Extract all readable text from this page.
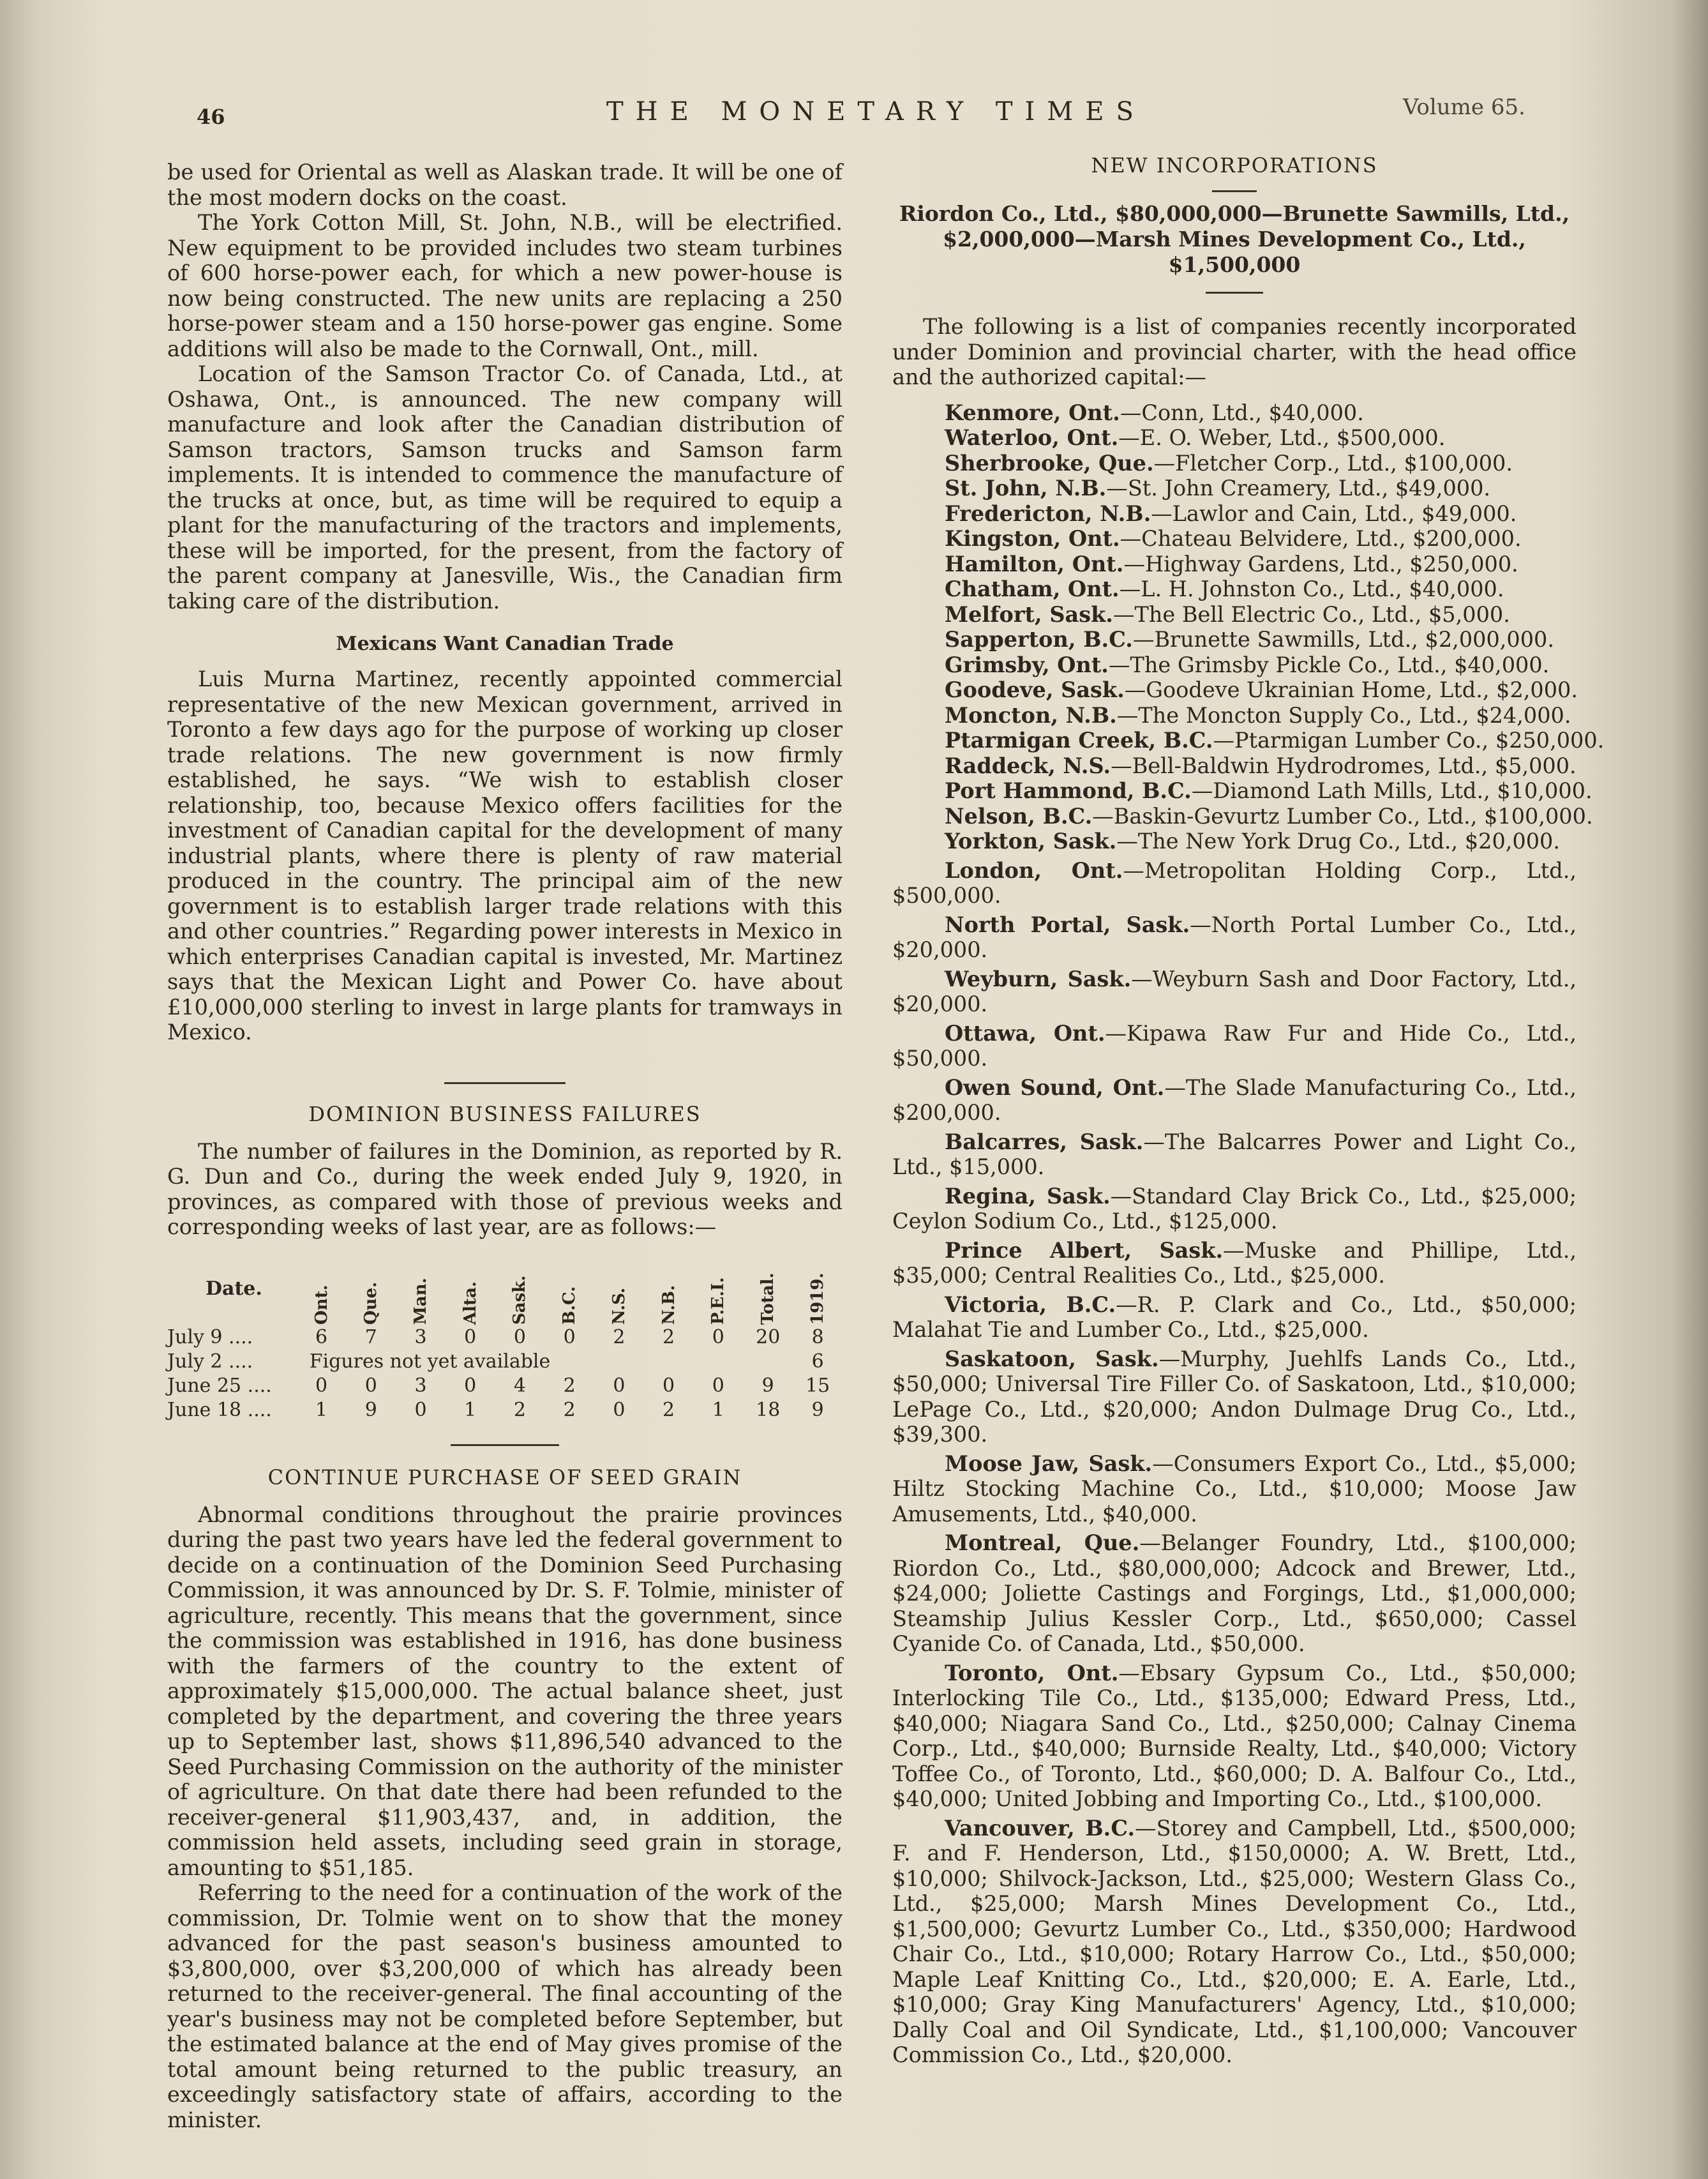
46	THE MONETARY TIMES	Volume 65.

be used for Oriental as well as Alaskan trade. It will be one of the most modern docks on the coast.

The York Cotton Mill, St. John, N.B., will be electrified. New equipment to be provided includes two steam turbines of 600 horse-power each, for which a new power-house is now being constructed. The new units are replacing a 250 horse-power steam and a 150 horse-power gas engine. Some additions will also be made to the Cornwall, Ont., mill.

Location of the Samson Tractor Co. of Canada, Ltd., at Oshawa, Ont., is announced. The new company will manufacture and look after the Canadian distribution of Samson tractors, Samson trucks and Samson farm implements. It is intended to commence the manufacture of the trucks at once, but, as time will be required to equip a plant for the manufacturing of the tractors and implements, these will be imported, for the present, from the factory of the parent company at Janesville, Wis., the Canadian firm taking care of the distribution.

Mexicans Want Canadian Trade

Luis Murna Martinez, recently appointed commercial representative of the new Mexican government, arrived in Toronto a few days ago for the purpose of working up closer trade relations. The new government is now firmly established, he says. “We wish to establish closer relationship, too, because Mexico offers facilities for the investment of Canadian capital for the development of many industrial plants, where there is plenty of raw material produced in the country. The principal aim of the new government is to establish larger trade relations with this and other countries.” Regarding power interests in Mexico in which enterprises Canadian capital is invested, Mr. Martinez says that the Mexican Light and Power Co. have about £10,000,000 sterling to invest in large plants for tramways in Mexico.

DOMINION BUSINESS FAILURES

The number of failures in the Dominion, as reported by R. G. Dun and Co., during the week ended July 9, 1920, in provinces, as compared with those of previous weeks and corresponding weeks of last year, are as follows:—

Date.	Ont.	Que.	Man.	Alta.	Sask.	B.C.	N.S.	N.B.	P.E.I.	Total.	1919.
July 9 ....	6	7	3	0	0	0	2	2	0	20	8
July 2 ....	Figures not yet available										6
June 25 ....	0	0	3	0	4	2	0	0	0	9	15
June 18 ....	1	9	0	1	2	2	0	2	1	18	9
CONTINUE PURCHASE OF SEED GRAIN

Abnormal conditions throughout the prairie provinces during the past two years have led the federal government to decide on a continuation of the Dominion Seed Purchasing Commission, it was announced by Dr. S. F. Tolmie, minister of agriculture, recently. This means that the government, since the commission was established in 1916, has done business with the farmers of the country to the extent of approximately $15,000,000. The actual balance sheet, just completed by the department, and covering the three years up to September last, shows $11,896,540 advanced to the Seed Purchasing Commission on the authority of the minister of agriculture. On that date there had been refunded to the receiver-general $11,903,437, and, in addition, the commission held assets, including seed grain in storage, amounting to $51,185.

Referring to the need for a continuation of the work of the commission, Dr. Tolmie went on to show that the money advanced for the past season's business amounted to $3,800,000, over $3,200,000 of which has already been returned to the receiver-general. The final accounting of the year's business may not be completed before September, but the estimated balance at the end of May gives promise of the total amount being returned to the public treasury, an exceedingly satisfactory state of affairs, according to the minister.

NEW INCORPORATIONS

Riordon Co., Ltd., $80,000,000—Brunette Sawmills, Ltd., $2,000,000—Marsh Mines Development Co., Ltd., $1,500,000

The following is a list of companies recently incorporated under Dominion and provincial charter, with the head office and the authorized capital:—

Kenmore, Ont.—Conn, Ltd., $40,000.

Waterloo, Ont.—E. O. Weber, Ltd., $500,000.

Sherbrooke, Que.—Fletcher Corp., Ltd., $100,000.

St. John, N.B.—St. John Creamery, Ltd., $49,000.

Fredericton, N.B.—Lawlor and Cain, Ltd., $49,000.

Kingston, Ont.—Chateau Belvidere, Ltd., $200,000.

Hamilton, Ont.—Highway Gardens, Ltd., $250,000.

Chatham, Ont.—L. H. Johnston Co., Ltd., $40,000.

Melfort, Sask.—The Bell Electric Co., Ltd., $5,000.

Sapperton, B.C.—Brunette Sawmills, Ltd., $2,000,000.

Grimsby, Ont.—The Grimsby Pickle Co., Ltd., $40,000.

Goodeve, Sask.—Goodeve Ukrainian Home, Ltd., $2,000.

Moncton, N.B.—The Moncton Supply Co., Ltd., $24,000.

Ptarmigan Creek, B.C.—Ptarmigan Lumber Co., $250,000.

Raddeck, N.S.—Bell-Baldwin Hydrodromes, Ltd., $5,000.

Port Hammond, B.C.—Diamond Lath Mills, Ltd., $10,000.

Nelson, B.C.—Baskin-Gevurtz Lumber Co., Ltd., $100,000.

Yorkton, Sask.—The New York Drug Co., Ltd., $20,000.

London, Ont.—Metropolitan Holding Corp., Ltd., $500,000.

North Portal, Sask.—North Portal Lumber Co., Ltd., $20,000.

Weyburn, Sask.—Weyburn Sash and Door Factory, Ltd., $20,000.

Ottawa, Ont.—Kipawa Raw Fur and Hide Co., Ltd., $50,000.

Owen Sound, Ont.—The Slade Manufacturing Co., Ltd., $200,000.

Balcarres, Sask.—The Balcarres Power and Light Co., Ltd., $15,000.

Regina, Sask.—Standard Clay Brick Co., Ltd., $25,000; Ceylon Sodium Co., Ltd., $125,000.

Prince Albert, Sask.—Muske and Phillipe, Ltd., $35,000; Central Realities Co., Ltd., $25,000.

Victoria, B.C.—R. P. Clark and Co., Ltd., $50,000; Malahat Tie and Lumber Co., Ltd., $25,000.

Saskatoon, Sask.—Murphy, Juehlfs Lands Co., Ltd., $50,000; Universal Tire Filler Co. of Saskatoon, Ltd., $10,000; LePage Co., Ltd., $20,000; Andon Dulmage Drug Co., Ltd., $39,300.

Moose Jaw, Sask.—Consumers Export Co., Ltd., $5,000; Hiltz Stocking Machine Co., Ltd., $10,000; Moose Jaw Amusements, Ltd., $40,000.

Montreal, Que.—Belanger Foundry, Ltd., $100,000; Riordon Co., Ltd., $80,000,000; Adcock and Brewer, Ltd., $24,000; Joliette Castings and Forgings, Ltd., $1,000,000; Steamship Julius Kessler Corp., Ltd., $650,000; Cassel Cyanide Co. of Canada, Ltd., $50,000.

Toronto, Ont.—Ebsary Gypsum Co., Ltd., $50,000; Interlocking Tile Co., Ltd., $135,000; Edward Press, Ltd., $40,000; Niagara Sand Co., Ltd., $250,000; Calnay Cinema Corp., Ltd., $40,000; Burnside Realty, Ltd., $40,000; Victory Toffee Co., of Toronto, Ltd., $60,000; D. A. Balfour Co., Ltd., $40,000; United Jobbing and Importing Co., Ltd., $100,000.

Vancouver, B.C.—Storey and Campbell, Ltd., $500,000; F. and F. Henderson, Ltd., $150,0000; A. W. Brett, Ltd., $10,000; Shilvock-Jackson, Ltd., $25,000; Western Glass Co., Ltd., $25,000; Marsh Mines Development Co., Ltd., $1,500,000; Gevurtz Lumber Co., Ltd., $350,000; Hardwood Chair Co., Ltd., $10,000; Rotary Harrow Co., Ltd., $50,000; Maple Leaf Knitting Co., Ltd., $20,000; E. A. Earle, Ltd., $10,000; Gray King Manufacturers' Agency, Ltd., $10,000; Dally Coal and Oil Syndicate, Ltd., $1,100,000; Vancouver Commission Co., Ltd., $20,000.
